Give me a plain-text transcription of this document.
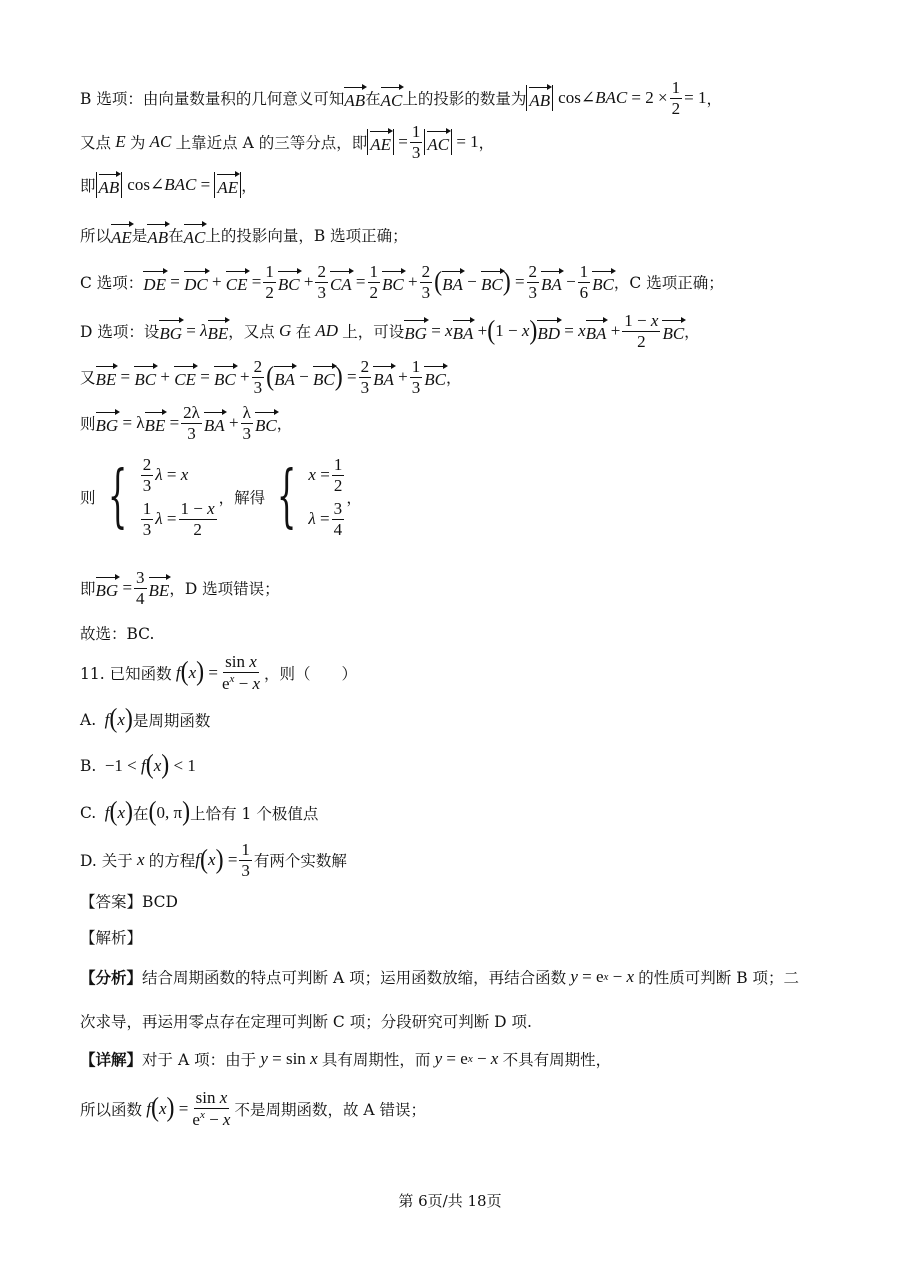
B 选项：由向量数量积的几何意义可知 AB 在 AC 上的投影的数量为 AB cos∠ BAC = $2 \times \frac{1}{2} = 1$ ，
又点 E 为 AC 上靠近点 A 的三等分点，即 AE = $\frac{1}{3}$ AC = 1 ，
即 AB cos∠ BAC = AE ，
所以 AE 是 AB 在 AC 上的投影向量，B 选项正确；
C 选项： DE = DC + CE = $\frac{1}{2}$ BC + $\frac{2}{3}$ CA = $\frac{1}{2}$ BC + $\frac{2}{3}$ ( BA − BC ) = $\frac{2}{3}$ BA − $\frac{1}{6}$ BC ，C 选项正确；
D 选项：设 BG = λ BE ，又点 G 在 AD 上，可设 BG = x BA + ( 1 − x ) BD = x BA + $\frac{1 - x}{2}$ BC ，
又 BE = BC + CE = BC + $\frac{2}{3}$ ( BA − BC ) = $\frac{2}{3}$ BA + $\frac{1}{3}$ BC ，
则 BG = λ BE = $\frac{2\lambda}{3}$ BA + $\frac{\lambda}{3}$ BC ，
则 { $\frac{2}{3}$ λ = x
$\frac{1}{3}$ $\lambda = \frac{1 - x}{2}$
，解得 { $x = \frac{1}{2}$
$\lambda = \frac{3}{4}$
，
即 BG = $\frac{3}{4}$ BE ，D 选项错误；
故选：BC.
11. 已知函数
f ( x ) = $\frac{\text{sin x}}{e^x - x}$ ，则（　　）
A.
f ( x ) 是周期函数
B. −1 < f ( x ) < 1
C.
f ( x ) 在 ( 0, π ) 上恰有 1 个极值点
D. 关于 x 的方程 f ( x ) = $\frac{1}{3}$ 有两个实数解
【答案】BCD
【解析】
【分析】 结合周期函数的特点可判断 A 项；运用函数放缩，再结合函数
y = e x − x
的性质可判断 B 项；二
次求导，再运用零点存在定理可判断 C 项；分段研究可判断 D 项.
【详解】 对于 A 项：由于
y = sin x
具有周期性，而
y = e x − x
不具有周期性，
所以函数
f ( x ) = $\frac{\text{sin x}}{e^x - x}$ 不是周期函数，故 A 错误；
第 6页/共 18页
